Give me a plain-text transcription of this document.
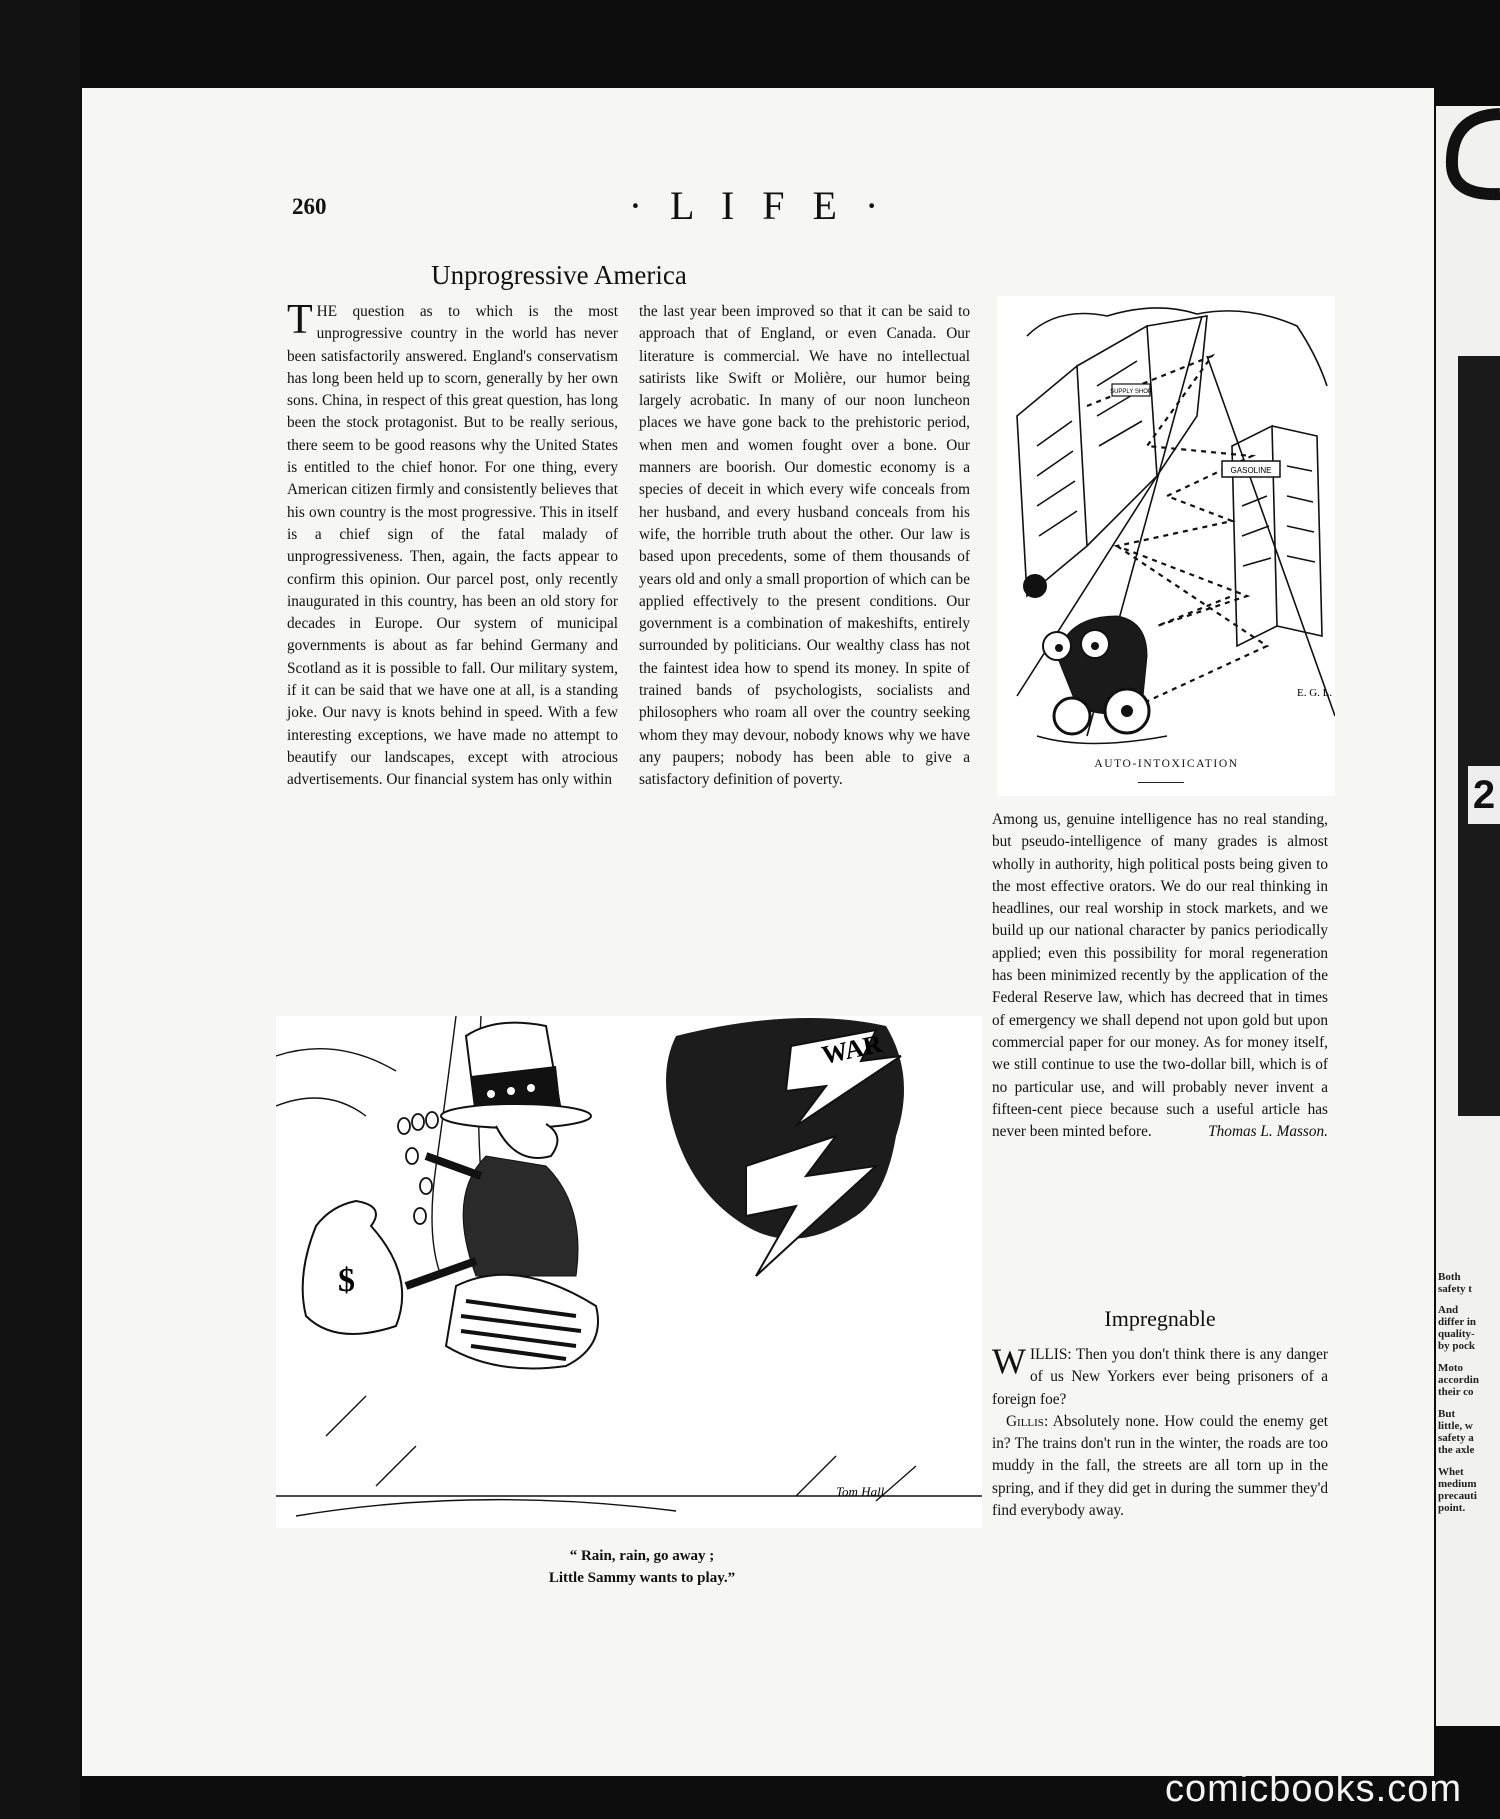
2
Both
safety t
And
differ in
quality-
by pock
Moto
accordin
their co
But
little, w
safety a
the axle
Whet
medium
precauti
point.
260	· L I F E ·
Unprogressive America

THE question as to which is the most unprogressive country in the world has never been satisfactorily answered. England's conservatism has long been held up to scorn, generally by her own sons. China, in respect of this great question, has long been the stock protagonist. But to be really serious, there seem to be good reasons why the United States is entitled to the chief honor. For one thing, every American citizen firmly and consistently believes that his own country is the most progressive. This in itself is a chief sign of the fatal malady of unprogressiveness. Then, again, the facts appear to confirm this opinion. Our parcel post, only recently inaugurated in this country, has been an old story for decades in Europe. Our system of municipal governments is about as far behind Germany and Scotland as it is possible to fall. Our military system, if it can be said that we have one at all, is a standing joke. Our navy is knots behind in speed. With a few interesting exceptions, we have made no attempt to beautify our landscapes, except with atrocious advertisements. Our financial system has only within

the last year been improved so that it can be said to approach that of England, or even Canada. Our literature is commercial. We have no intellectual satirists like Swift or Molière, our humor being largely acrobatic. In many of our noon luncheon places we have gone back to the prehistoric period, when men and women fought over a bone. Our manners are boorish. Our domestic economy is a species of deceit in which every wife conceals from her husband, and every husband conceals from his wife, the horrible truth about the other. Our law is based upon precedents, some of them thousands of years old and only a small proportion of which can be applied effectively to the present conditions. Our government is a combination of makeshifts, entirely surrounded by politicians. Our wealthy class has not the faintest idea how to spend its money. In spite of trained bands of psychologists, socialists and philosophers who roam all over the country seeking whom they may devour, nobody knows why we have any paupers; nobody has been able to give a satisfactory definition of poverty.

GASOLINE
SUPPLY SHOP
E. G. L.
AUTO-INTOXICATION

Among us, genuine intelligence has no real standing, but pseudo-intelligence of many grades is almost wholly in authority, high political posts being given to the most effective orators. We do our real thinking in headlines, our real worship in stock markets, and we build up our national character by panics periodically applied; even this possibility for moral regeneration has been minimized recently by the application of the Federal Reserve law, which has decreed that in times of emergency we shall depend not upon gold but upon commercial paper for our money. As for money itself, we still continue to use the two-dollar bill, which is of no particular use, and will probably never invent a fifteen-cent piece because such a useful article has never been minted before.	Thomas L. Masson.

WAR
$
Tom Hall
“ Rain, rain, go away ;
Little Sammy wants to play.”
Impregnable

WILLIS: Then you don't think there is any danger of us New Yorkers ever being prisoners of a foreign foe?

Gillis: Absolutely none. How could the enemy get in? The trains don't run in the winter, the roads are too muddy in the fall, the streets are all torn up in the spring, and if they did get in during the summer they'd find everybody away.

comicbooks.com
